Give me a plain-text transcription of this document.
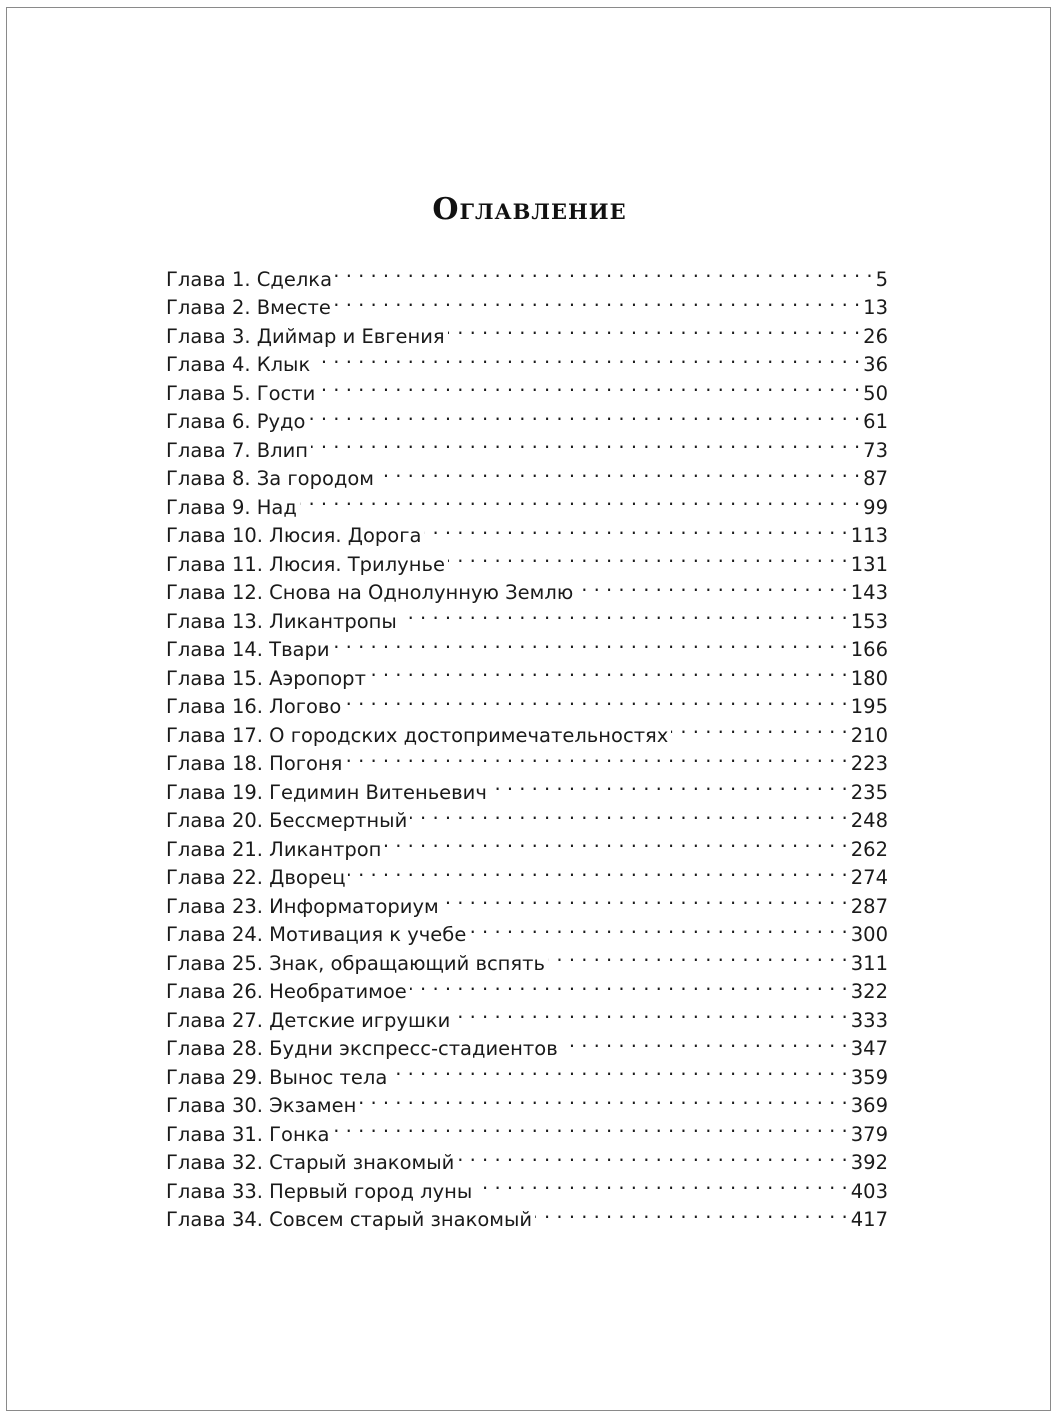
Оглавление
Глава 1. Сделка . . .	5
Глава 2. Вместе . . .	13
Глава 3. Диймар и Евгения . . .	26
Глава 4. Клык . . .	36
Глава 5. Гости . . .	50
Глава 6. Рудо . . .	61
Глава 7. Влип . . .	73
Глава 8. За городом . . .	87
Глава 9. Над . . .	99
Глава 10. Люсия. Дорога . . .	113
Глава 11. Люсия. Трилунье . . .	131
Глава 12. Снова на Однолунную Землю . . .	143
Глава 13. Ликантропы . . .	153
Глава 14. Твари . . .	166
Глава 15. Аэропорт . . .	180
Глава 16. Логово . . .	195
Глава 17. О городских достопримечательностях . . .	210
Глава 18. Погоня . . .	223
Глава 19. Гедимин Витеньевич . . .	235
Глава 20. Бессмертный . . .	248
Глава 21. Ликантроп . . .	262
Глава 22. Дворец . . .	274
Глава 23. Информаториум . . .	287
Глава 24. Мотивация к учебе . . .	300
Глава 25. Знак, обращающий вспять . . .	311
Глава 26. Необратимое . . .	322
Глава 27. Детские игрушки . . .	333
Глава 28. Будни экспресс-стадиентов . . .	347
Глава 29. Вынос тела . . .	359
Глава 30. Экзамен . . .	369
Глава 31. Гонка . . .	379
Глава 32. Старый знакомый . . .	392
Глава 33. Первый город луны . . .	403
Глава 34. Совсем старый знакомый . . .	417
